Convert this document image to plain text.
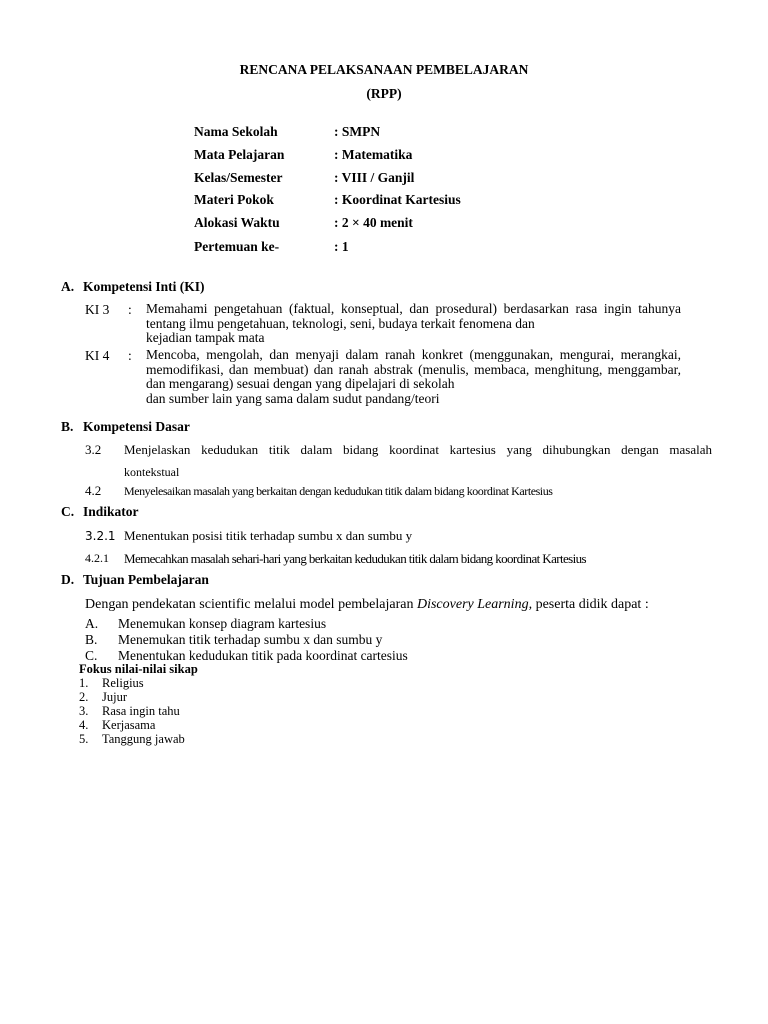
RENCANA PELAKSANAAN PEMBELAJARAN
(RPP)
Nama Sekolah	: SMPN
Mata Pelajaran	: Matematika
Kelas/Semester	: VIII / Ganjil
Materi Pokok	: Koordinat Kartesius
Alokasi Waktu	: 2 × 40 menit
Pertemuan ke-	: 1
A. Kompetensi Inti (KI)
KI 3 : Memahami pengetahuan (faktual, konseptual, dan prosedural) berdasarkan rasa ingin tahunya tentang ilmu pengetahuan, teknologi, seni, budaya terkait fenomena dan
kejadian tampak mata
KI 4 : Mencoba, mengolah, dan menyaji dalam ranah konkret (menggunakan, mengurai, merangkai, memodifikasi, dan membuat) dan ranah abstrak (menulis, membaca, menghitung, menggambar, dan mengarang) sesuai dengan yang dipelajari di sekolah
dan sumber lain yang sama dalam sudut pandang/teori
B. Kompetensi Dasar
3.2 Menjelaskan kedudukan titik dalam bidang koordinat kartesius yang dihubungkan dengan masalah
kontekstual
4.2 Menyelesaikan masalah yang berkaitan dengan kedudukan titik dalam bidang koordinat Kartesius
C. Indikator
3.2.1 Menentukan posisi titik terhadap sumbu x dan sumbu y
4.2.1 Memecahkan masalah sehari-hari yang berkaitan kedudukan titik dalam bidang koordinat Kartesius
D. Tujuan Pembelajaran
Dengan pendekatan scientific melalui model pembelajaran Discovery Learning, peserta didik dapat :
A. Menemukan konsep diagram kartesius
B. Menemukan titik terhadap sumbu x dan sumbu y
C. Menentukan kedudukan titik pada koordinat cartesius
Fokus nilai-nilai sikap
1. Religius
2. Jujur
3. Rasa ingin tahu
4. Kerjasama
5. Tanggung jawab
